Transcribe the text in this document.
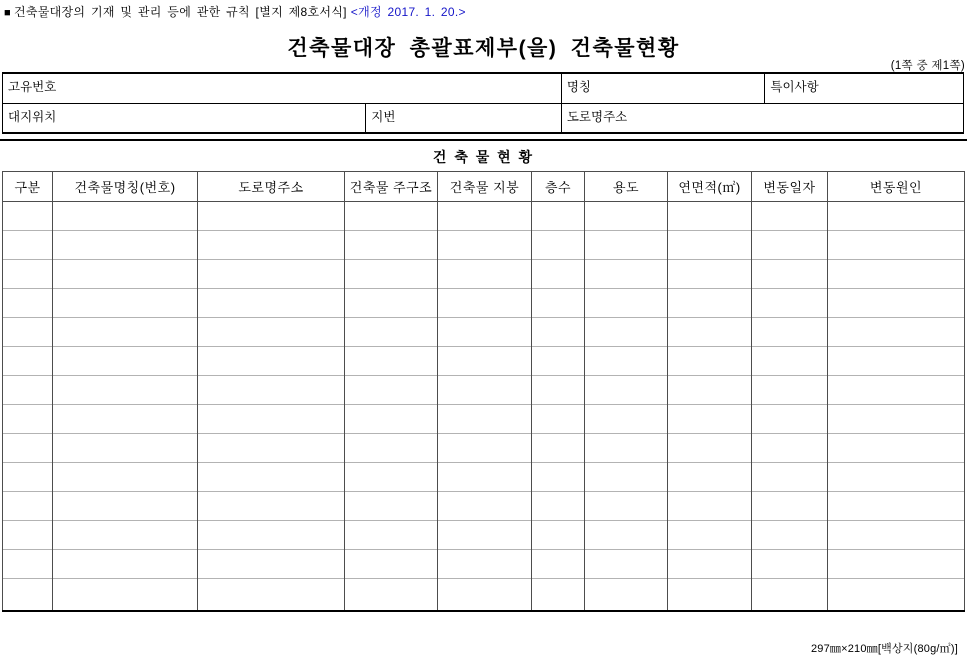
■ 건축물대장의 기재 및 관리 등에 관한 규칙 [별지 제8호서식] <개정 2017. 1. 20.>
건축물대장 총괄표제부(을) 건축물현황
(1쪽 중 제1쪽)
고유번호	명칭	특이사항
대지위치	지번	도로명주소
건 축 물 현 황
구분	건축물명칭(번호)	도로명주소	건축물 주구조	건축물 지붕	층수	용도	연면적(㎡)	변동일자	변동원인

297㎜×210㎜[백상지(80g/㎡)]
